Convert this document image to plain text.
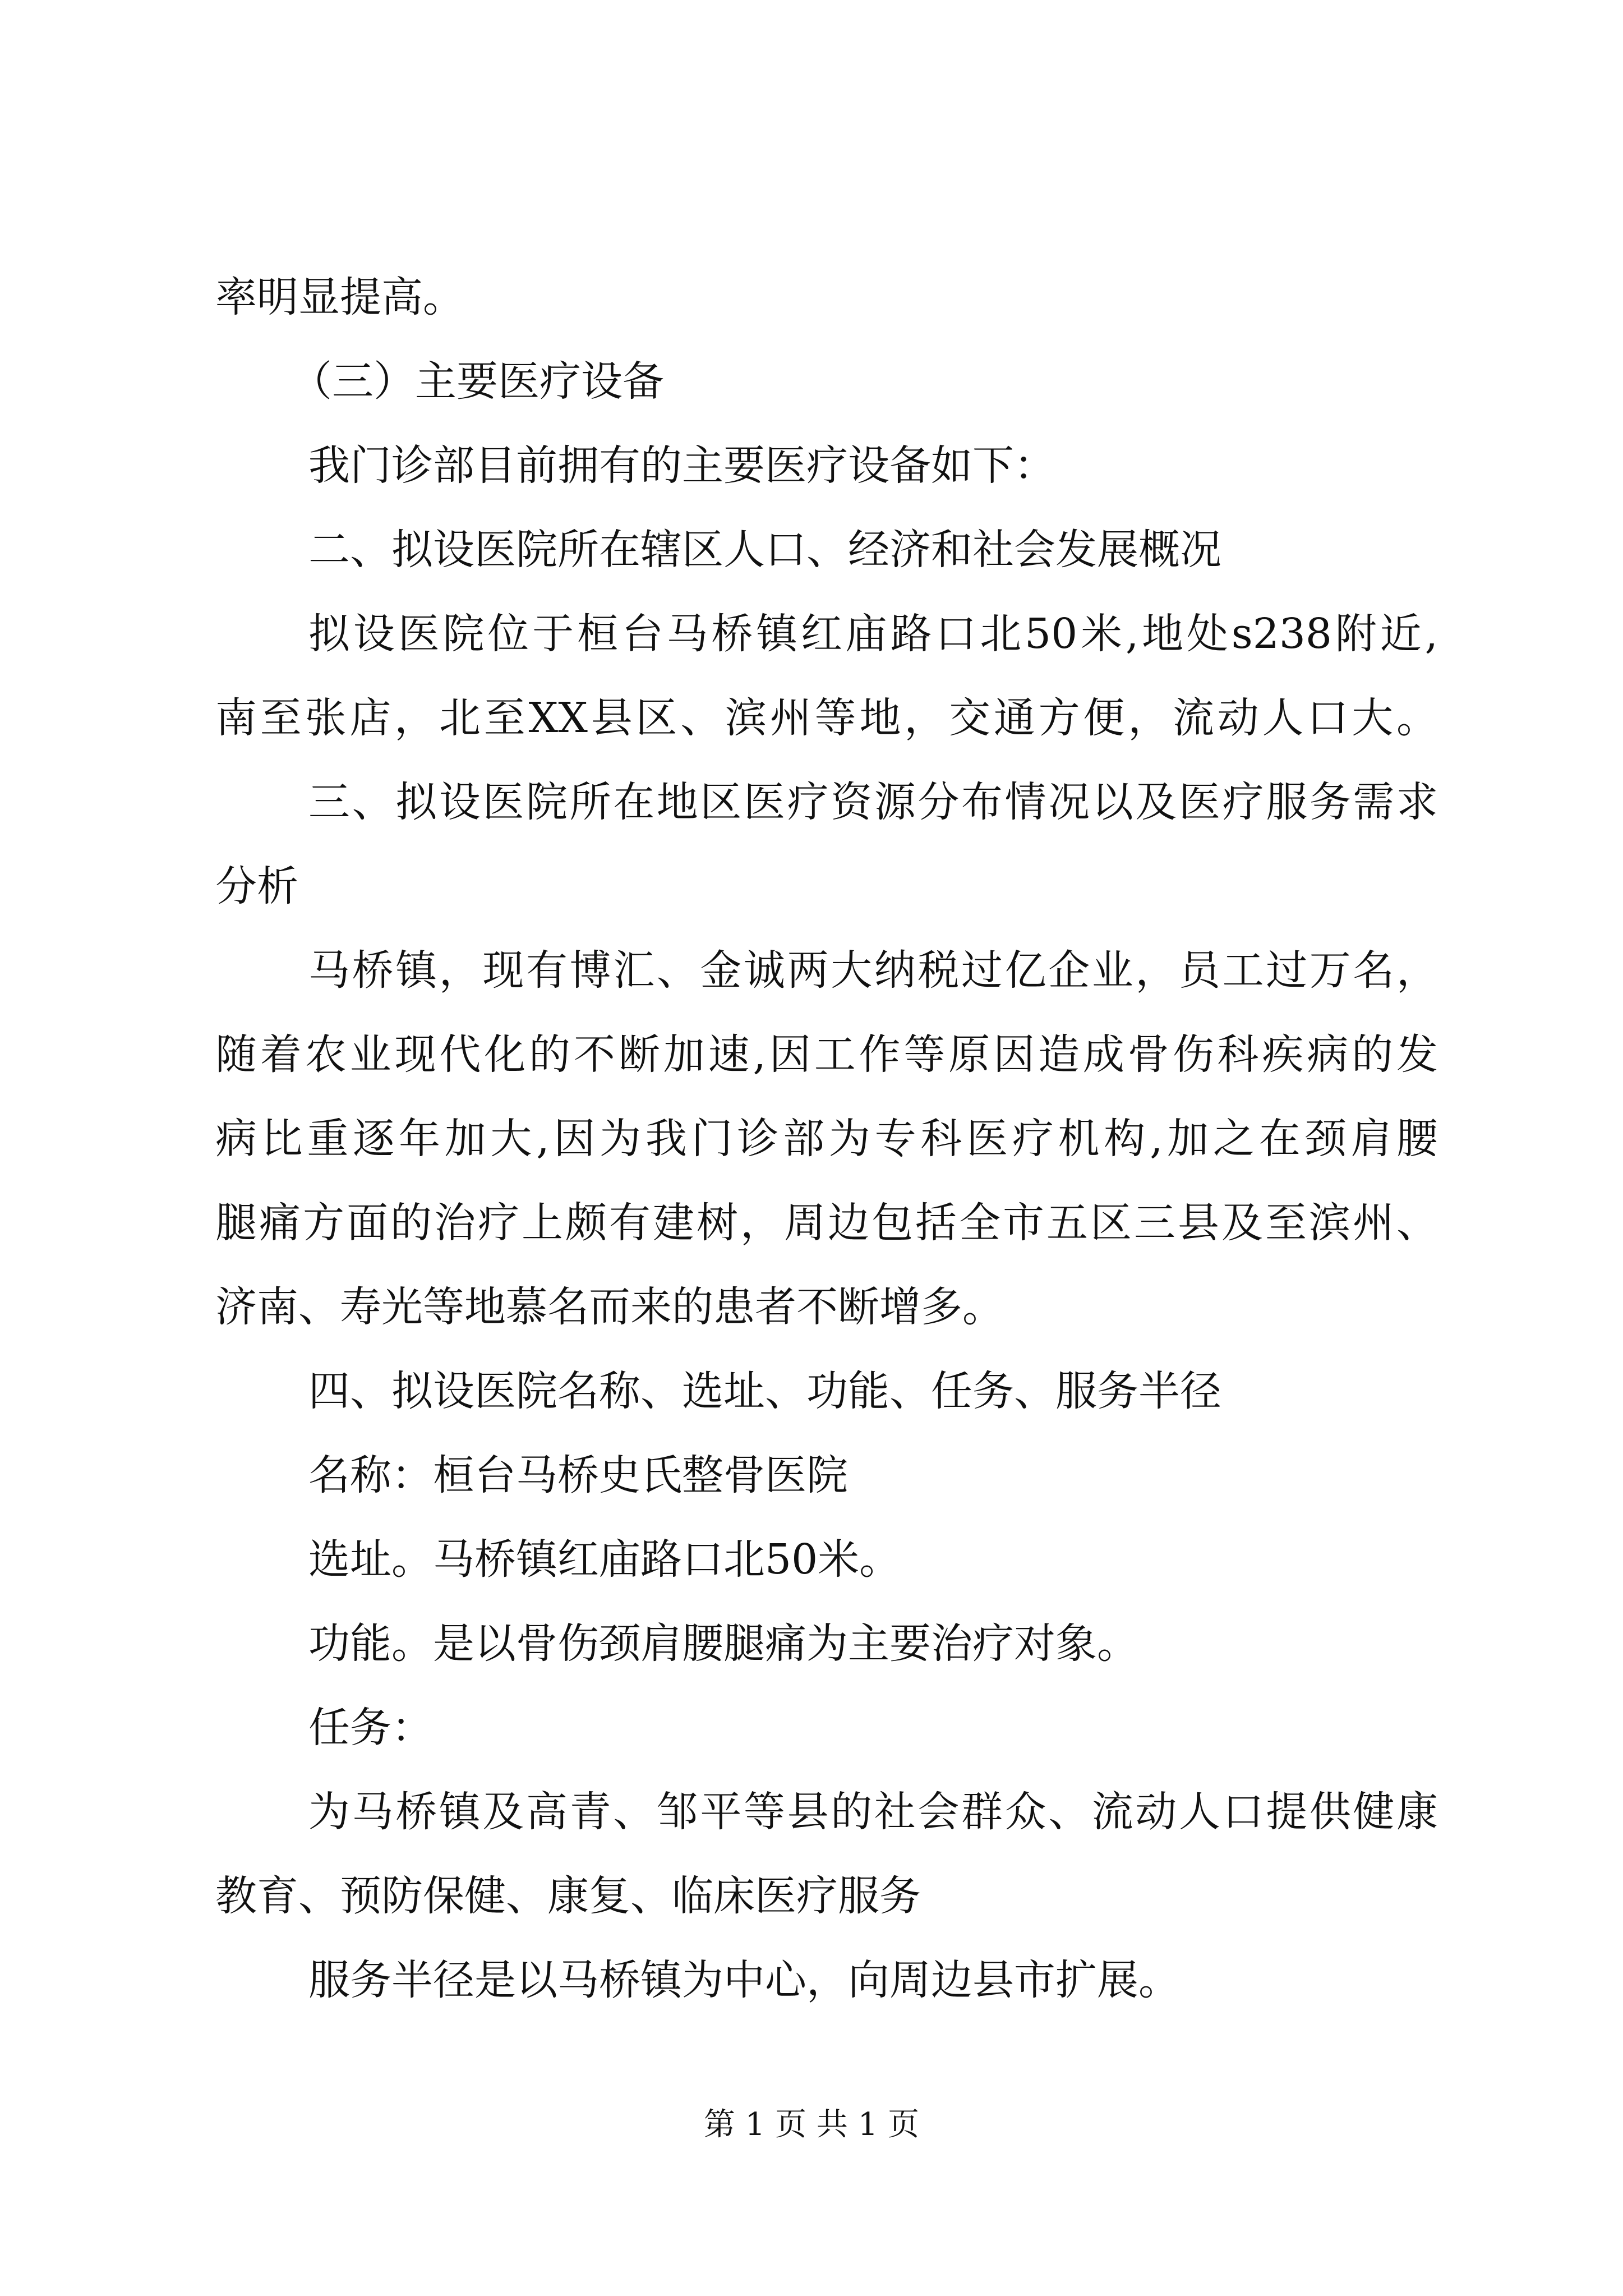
率明显提高。

（三）主要医疗设备

我门诊部目前拥有的主要医疗设备如下：

二、拟设医院所在辖区人口、经济和社会发展概况

拟设医院位于桓台马桥镇红庙路口北50米,地处s238附近,
南至张店，北至XX县区、滨州等地，交通方便，流动人口大。
三、拟设医院所在地区医疗资源分布情况以及医疗服务需求
分析
马桥镇，现有博汇、金诚两大纳税过亿企业，员工过万名，
随着农业现代化的不断加速,因工作等原因造成骨伤科疾病的发
病比重逐年加大,因为我门诊部为专科医疗机构,加之在颈肩腰
腿痛方面的治疗上颇有建树，周边包括全市五区三县及至滨州、
济南、寿光等地慕名而来的患者不断增多。

四、拟设医院名称、选址、功能、任务、服务半径

名称：桓台马桥史氏整骨医院

选址。马桥镇红庙路口北50米。

功能。是以骨伤颈肩腰腿痛为主要治疗对象。

任务：

为马桥镇及高青、邹平等县的社会群众、流动人口提供健康
教育、预防保健、康复、临床医疗服务

服务半径是以马桥镇为中心，向周边县市扩展。

第 1 页 共 1 页
